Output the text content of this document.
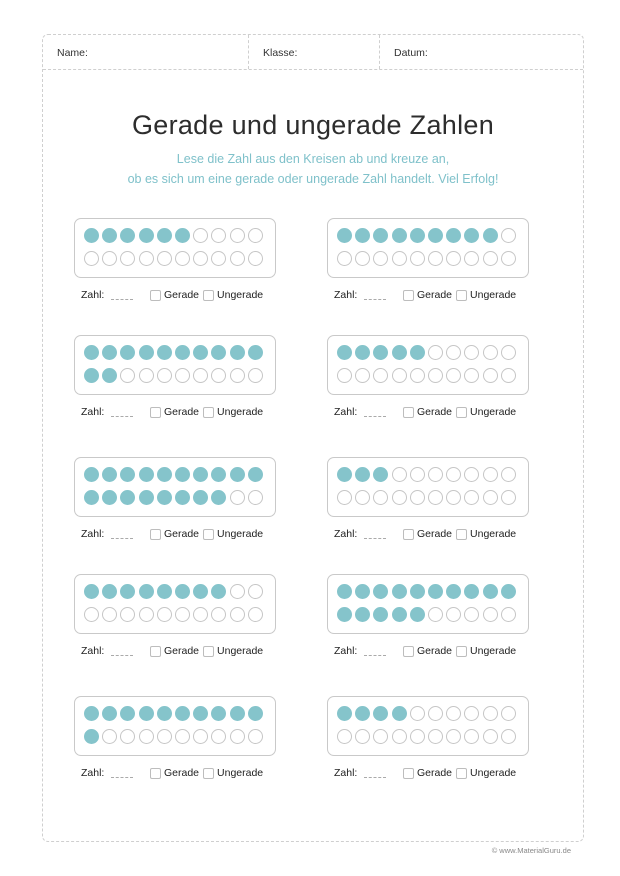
Name:	Klasse:	Datum:
Gerade und ungerade Zahlen

Lese die Zahl aus den Kreisen ab und kreuze an,
ob es sich um eine gerade oder ungerade Zahl handelt. Viel Erfolg!

Zahl:	Gerade Ungerade	Zahl:	Gerade Ungerade
Zahl:	Gerade Ungerade	Zahl:	Gerade Ungerade
Zahl:	Gerade Ungerade	Zahl:	Gerade Ungerade
Zahl:	Gerade Ungerade	Zahl:	Gerade Ungerade
Zahl:	Gerade Ungerade	Zahl:	Gerade Ungerade
© www.MaterialGuru.de
